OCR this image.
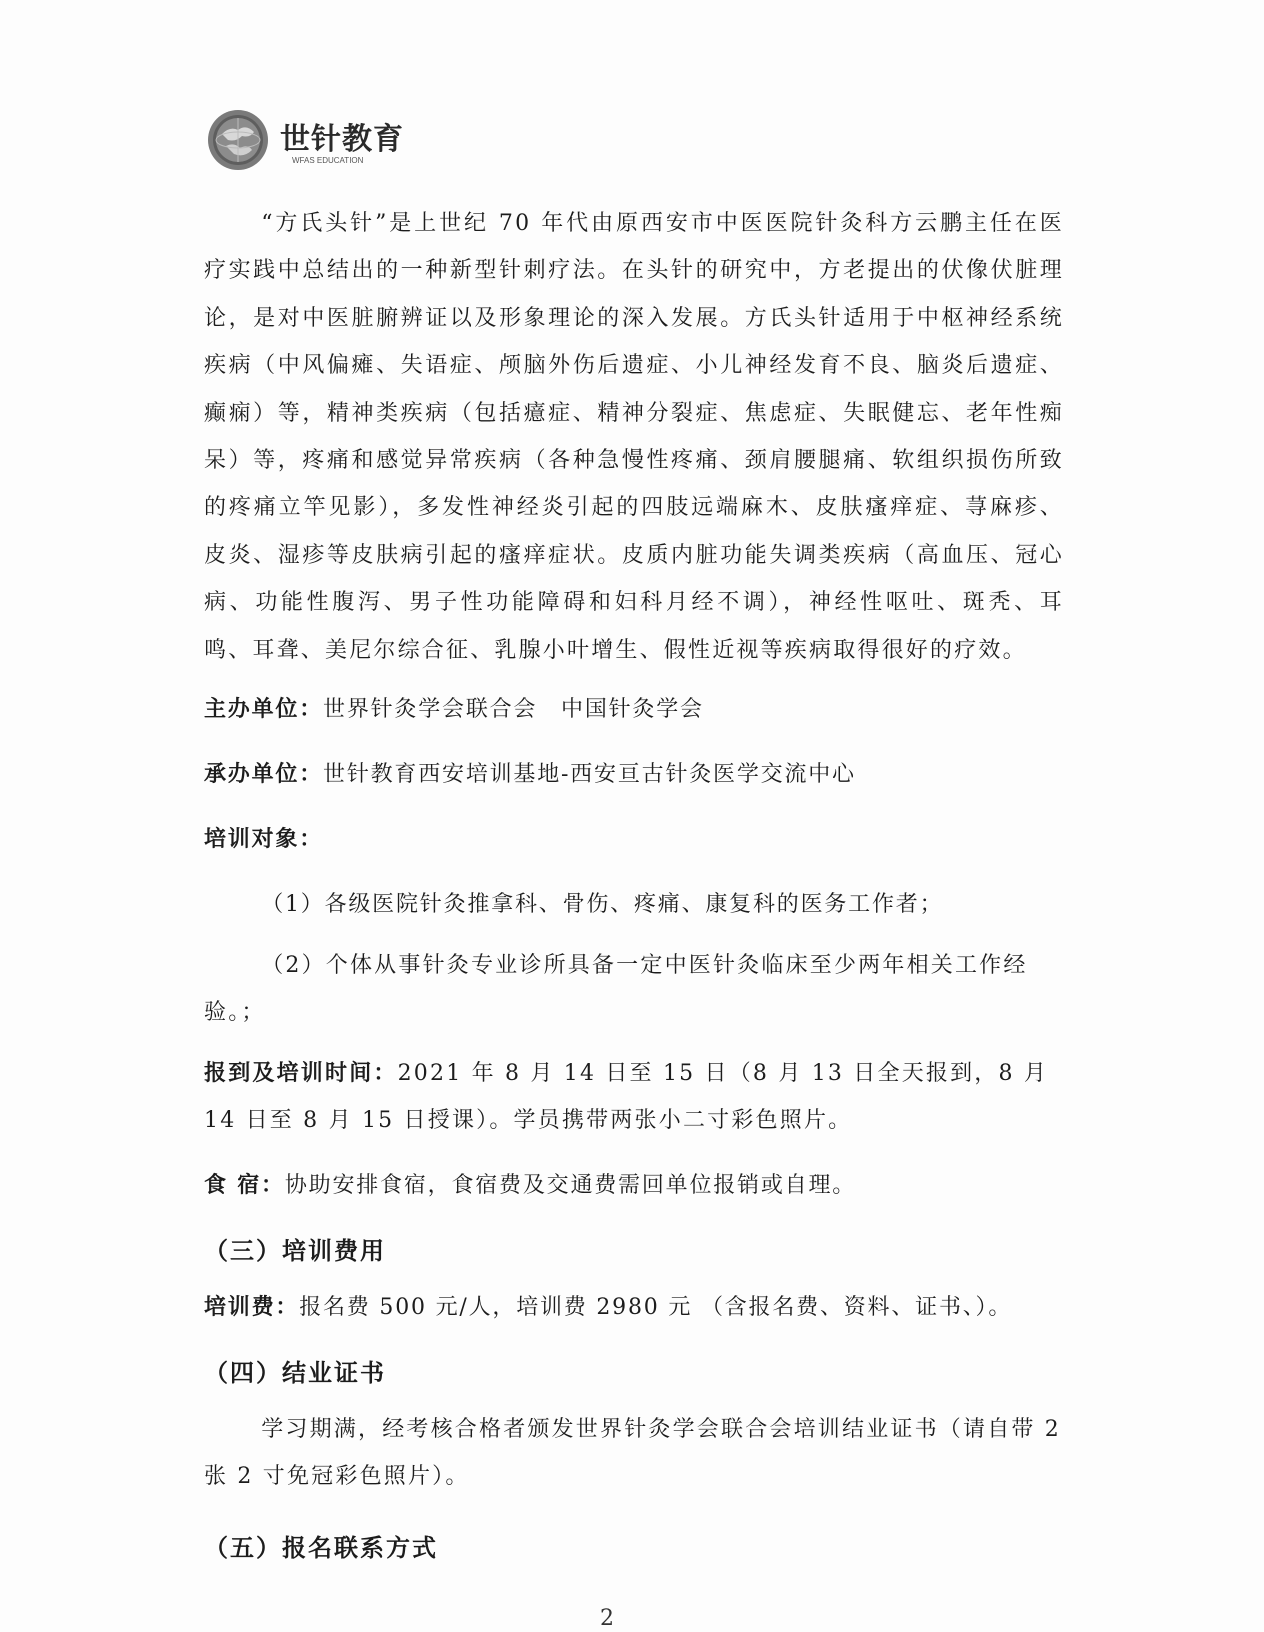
世针教育
WFAS EDUCATION

“方氏头针”是上世纪 70 年代由原西安市中医医院针灸科方云鹏主任在医疗实践中总结出的一种新型针刺疗法。在头针的研究中，方老提出的伏像伏脏理论，是对中医脏腑辨证以及形象理论的深入发展。方氏头针适用于中枢神经系统疾病（中风偏瘫、失语症、颅脑外伤后遗症、小儿神经发育不良、脑炎后遗症、癫痫）等，精神类疾病（包括癔症、精神分裂症、焦虑症、失眠健忘、老年性痴呆）等，疼痛和感觉异常疾病（各种急慢性疼痛、颈肩腰腿痛、软组织损伤所致的疼痛立竿见影），多发性神经炎引起的四肢远端麻木、皮肤瘙痒症、荨麻疹、皮炎、湿疹等皮肤病引起的瘙痒症状。皮质内脏功能失调类疾病（高血压、冠心病、功能性腹泻、男子性功能障碍和妇科月经不调），神经性呕吐、斑秃、耳鸣、耳聋、美尼尔综合征、乳腺小叶增生、假性近视等疾病取得很好的疗效。

主办单位：世界针灸学会联合会　中国针灸学会

承办单位：世针教育西安培训基地-西安亘古针灸医学交流中心

培训对象：

（1）各级医院针灸推拿科、骨伤、疼痛、康复科的医务工作者；

（2）个体从事针灸专业诊所具备一定中医针灸临床至少两年相关工作经验。；

报到及培训时间：2021 年 8 月 14 日至 15 日（8 月 13 日全天报到，8 月 14 日至 8 月 15 日授课）。学员携带两张小二寸彩色照片。

食 宿：协助安排食宿，食宿费及交通费需回单位报销或自理。

（三）培训费用

培训费：报名费 500 元/人，培训费 2980 元 （含报名费、资料、证书、）。

（四）结业证书

学习期满，经考核合格者颁发世界针灸学会联合会培训结业证书（请自带 2 张 2 寸免冠彩色照片）。

（五）报名联系方式

2
